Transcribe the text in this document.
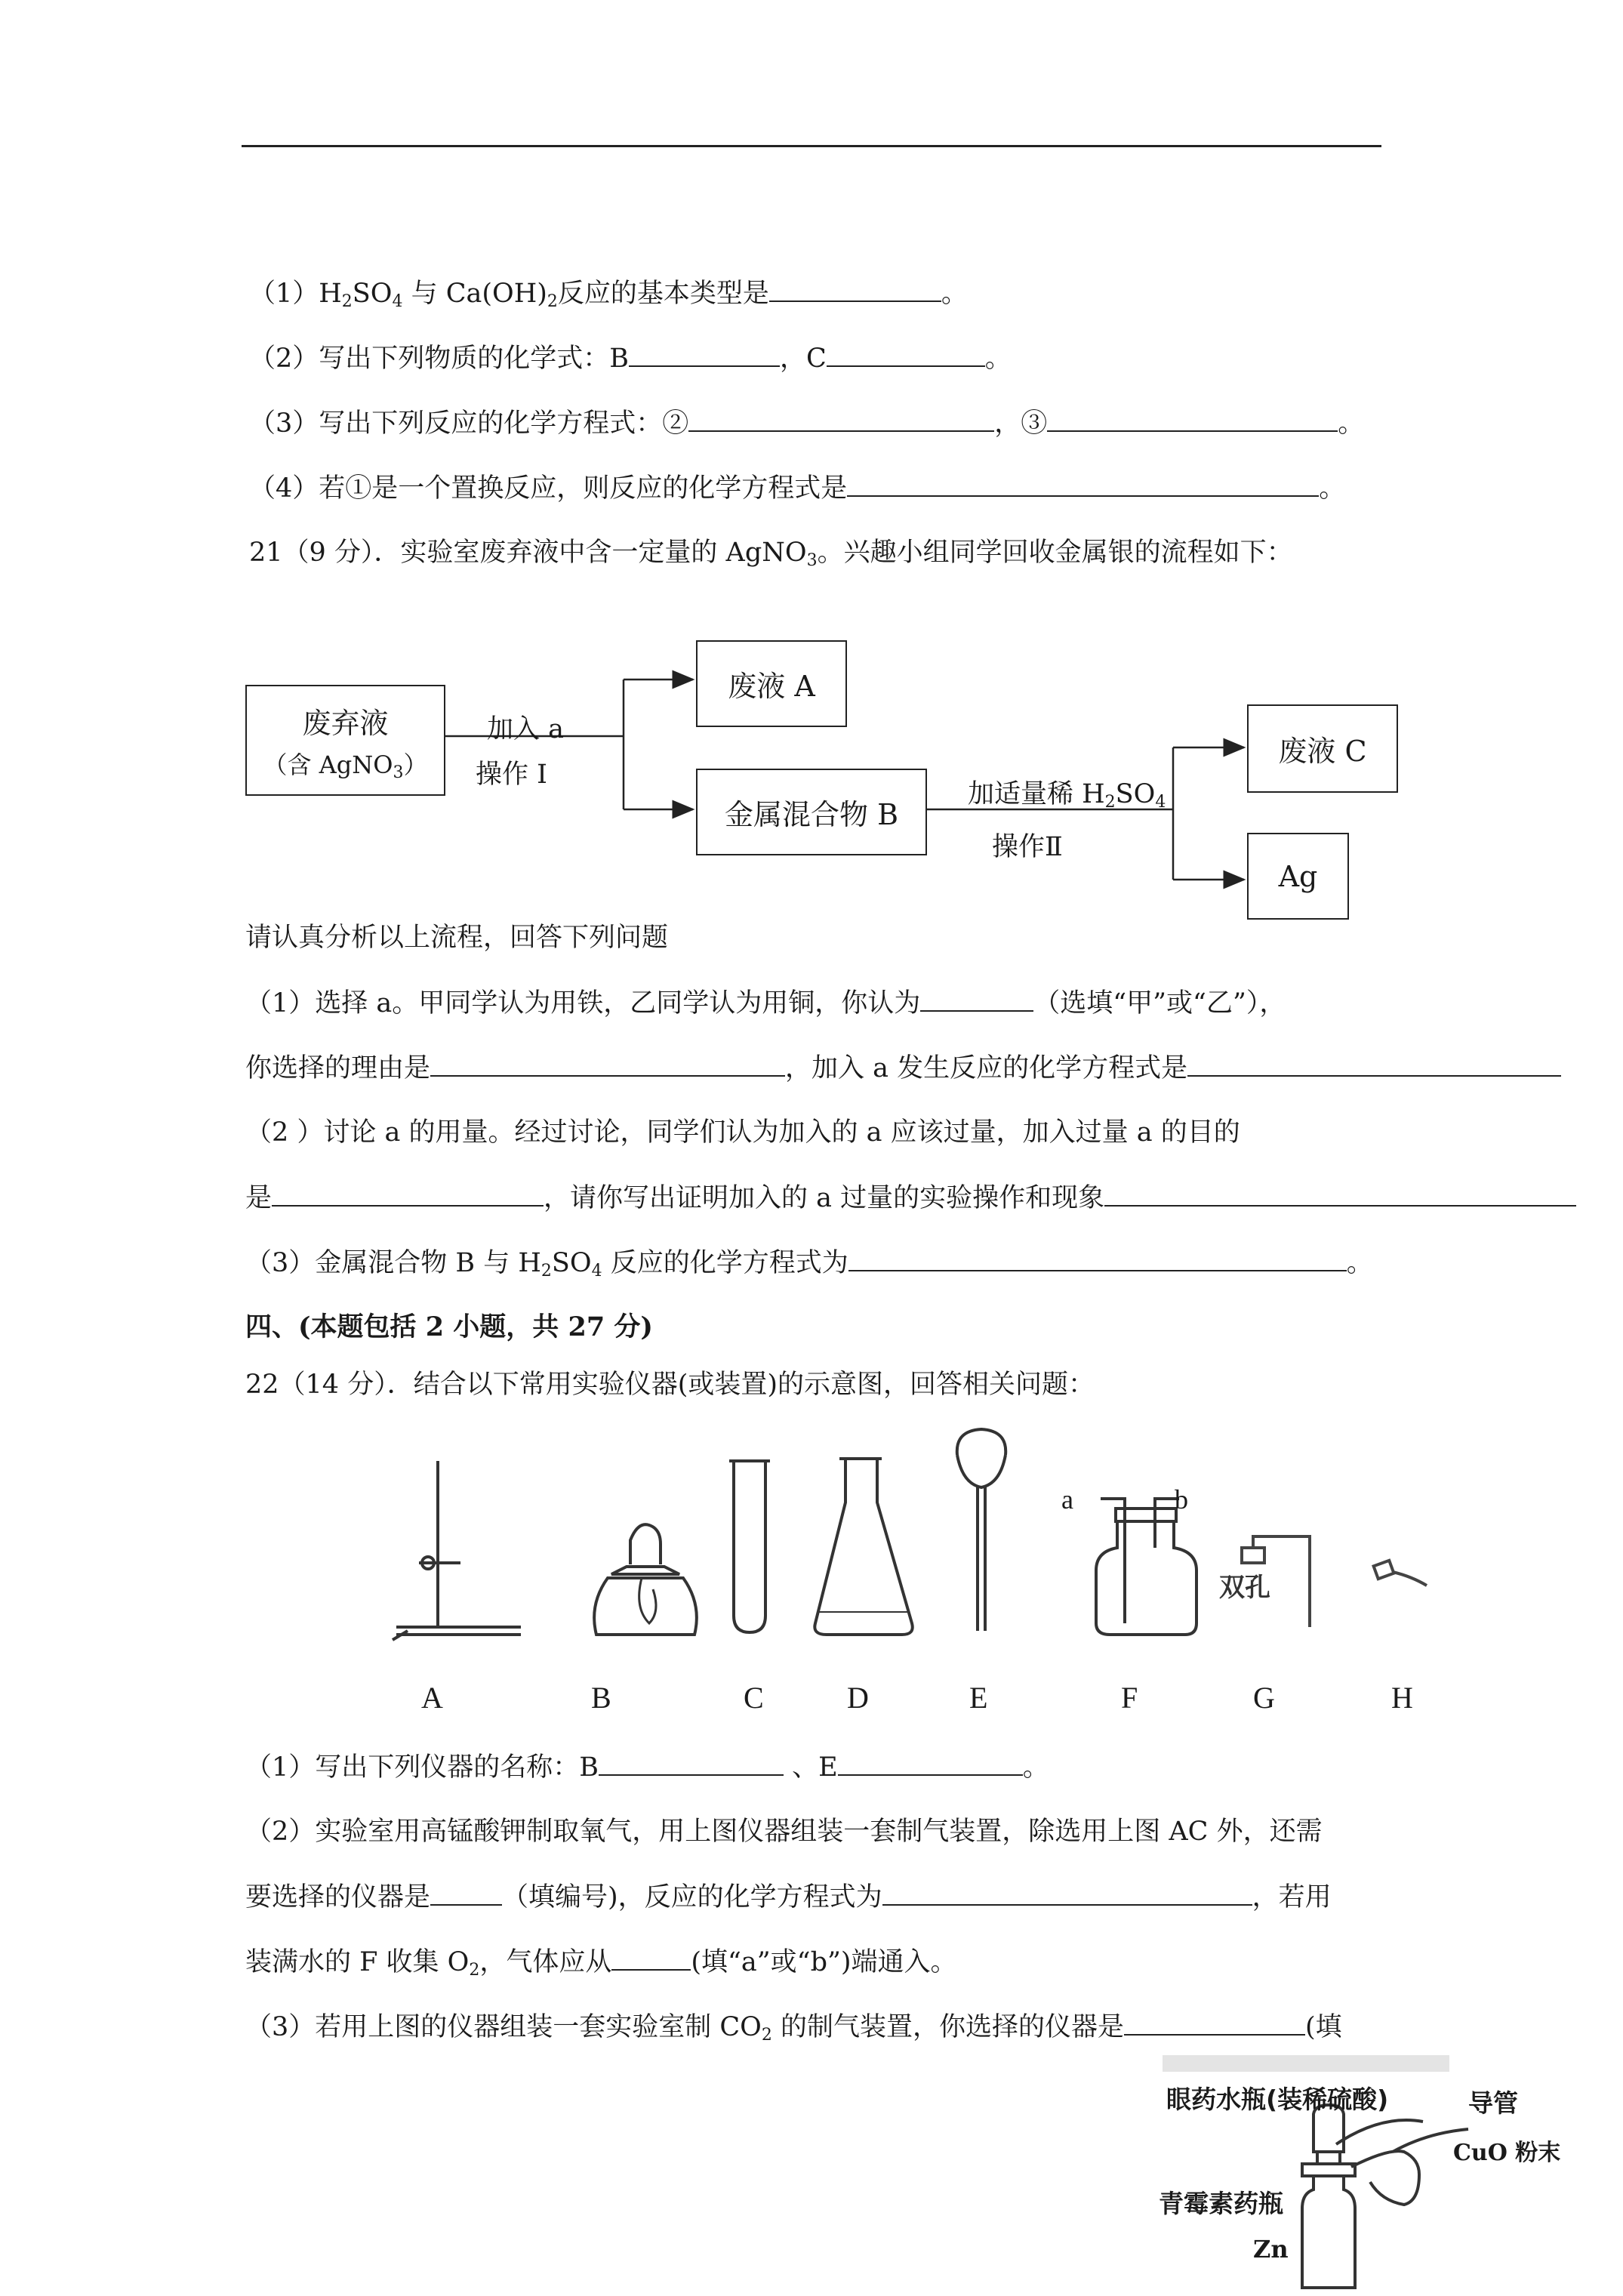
$(1)H_2SO_4$ 与 $Ca(OH)_2$反应的基本类型是	。
（2）写出下列物质的化学式：B	，C	。
（3）写出下列反应的化学方程式：②	，③	。
（4）若①是一个置换反应，则反应的化学方程式是	。
21（9 分）．实验室废弃液中含一定量的 AgNO$_3$。兴趣小组同学回收金属银的流程如下：
废弃液
（含 AgNO$_3$）
加入 a
操作 I
废液 A
金属混合物 B
加适量稀 $H_2SO_4$
操作Ⅱ
废液 C
Ag
请认真分析以上流程，回答下列问题
（1）选择 a。甲同学认为用铁，乙同学认为用铜，你认为	（选填“甲”或“乙”），
你选择的理由是	，加入 a 发生反应的化学方程式是
（2 ）讨论 a 的用量。经过讨论，同学们认为加入的 a 应该过量，加入过量 a 的目的
是	，请你写出证明加入的 a 过量的实验操作和现象
（3）金属混合物 B 与 $H_2SO_4$ 反应的化学方程式为	。
四、(本题包括 2 小题，共 27 分)
22（14 分）．结合以下常用实验仪器(或装置)的示意图，回答相关问题：
a	b
双孔
A	B	C	D	E	F	G	H
（1）写出下列仪器的名称：B	、E	。
（2）实验室用高锰酸钾制取氧气，用上图仪器组装一套制气装置，除选用上图 AC 外，还需
要选择的仪器是	（填编号)，反应的化学方程式为	，若用
装满水的 F 收集 $O_2$，气体应从	(填“a”或“b”)端通入。
（3）若用上图的仪器组装一套实验室制 $CO_2$ 的制气装置，你选择的仪器是	(填
眼药水瓶(装稀硫酸)	导管
CuO 粉末
青霉素药瓶
Zn
